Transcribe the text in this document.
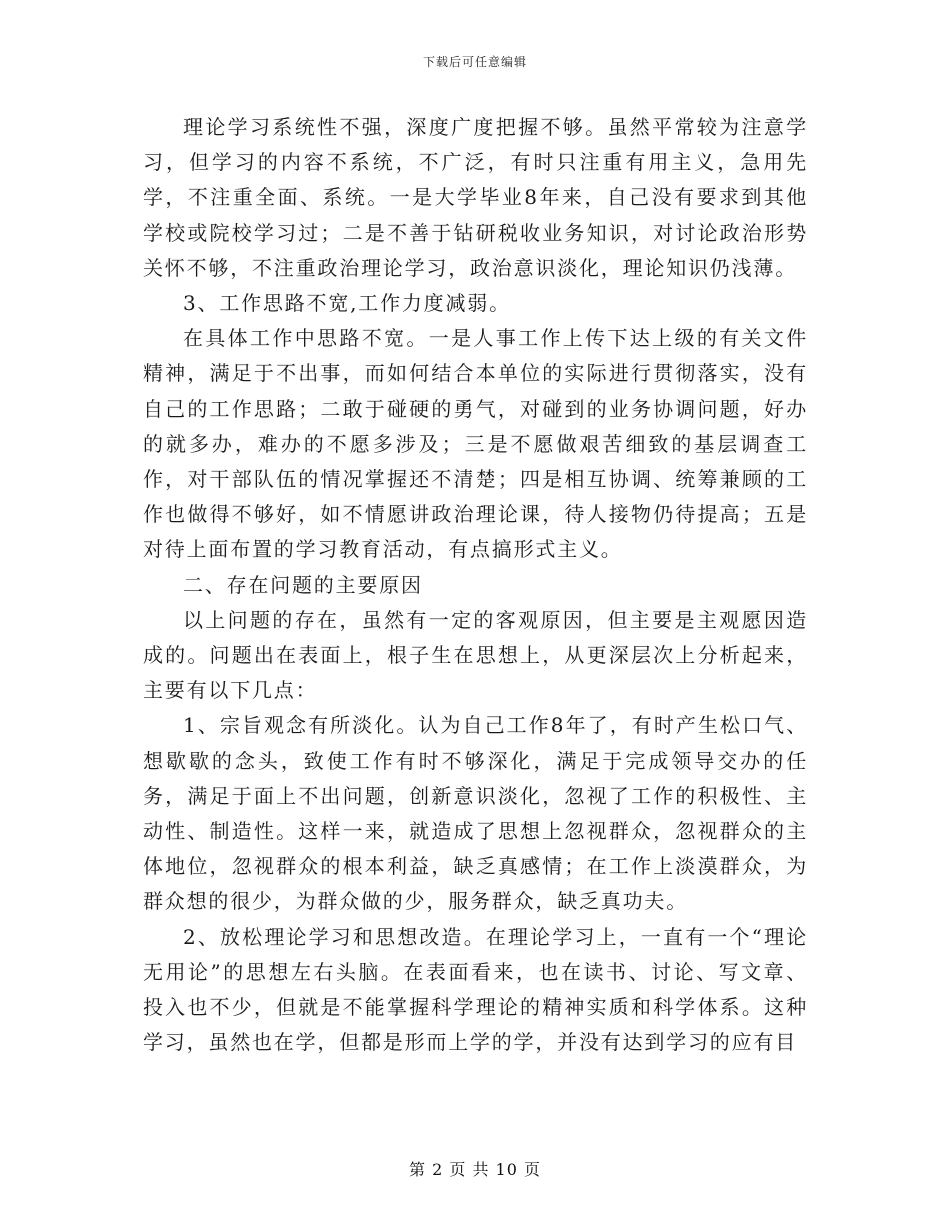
下载后可任意编辑

理论学习系统性不强，深度广度把握不够。虽然平常较为注意学习，但学习的内容不系统，不广泛，有时只注重有用主义，急用先学，不注重全面、系统。一是大学毕业8年来，自己没有要求到其他学校或院校学习过；二是不善于钻研税收业务知识，对讨论政治形势关怀不够，不注重政治理论学习，政治意识淡化，理论知识仍浅薄。

3、工作思路不宽,工作力度减弱。

在具体工作中思路不宽。一是人事工作上传下达上级的有关文件精神，满足于不出事，而如何结合本单位的实际进行贯彻落实，没有自己的工作思路；二敢于碰硬的勇气，对碰到的业务协调问题，好办的就多办，难办的不愿多涉及；三是不愿做艰苦细致的基层调查工作，对干部队伍的情况掌握还不清楚；四是相互协调、统筹兼顾的工作也做得不够好，如不情愿讲政治理论课，待人接物仍待提高；五是对待上面布置的学习教育活动，有点搞形式主义。

二、存在问题的主要原因

以上问题的存在，虽然有一定的客观原因，但主要是主观愿因造成的。问题出在表面上，根子生在思想上，从更深层次上分析起来，主要有以下几点：

1、宗旨观念有所淡化。认为自己工作8年了，有时产生松口气、想歇歇的念头，致使工作有时不够深化，满足于完成领导交办的任务，满足于面上不出问题，创新意识淡化，忽视了工作的积极性、主动性、制造性。这样一来，就造成了思想上忽视群众，忽视群众的主体地位，忽视群众的根本利益，缺乏真感情；在工作上淡漠群众，为群众想的很少，为群众做的少，服务群众，缺乏真功夫。

2、放松理论学习和思想改造。在理论学习上，一直有一个“理论无用论”的思想左右头脑。在表面看来，也在读书、讨论、写文章、投入也不少，但就是不能掌握科学理论的精神实质和科学体系。这种学习，虽然也在学，但都是形而上学的学，并没有达到学习的应有目

第 2 页 共 10 页
